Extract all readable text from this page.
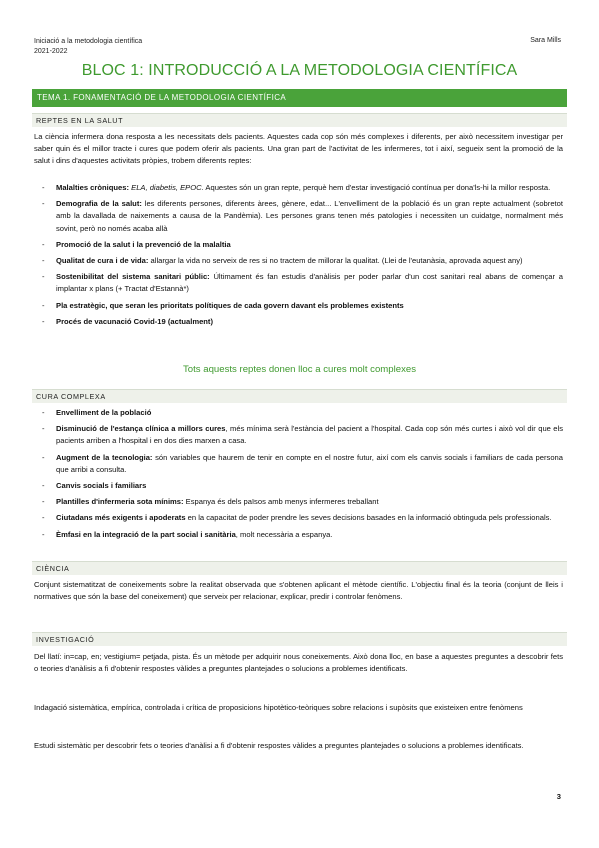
Iniciació a la metodologia científica
2021-2022
Sara Mills
BLOC 1: INTRODUCCIÓ A LA METODOLOGIA CIENTÍFICA
TEMA 1. FONAMENTACIÓ DE LA METODOLOGIA CIENTÍFICA
REPTES EN LA SALUT
La ciència infermera dona resposta a les necessitats dels pacients. Aquestes cada cop són més complexes i diferents, per això necessitem investigar per saber quin és el millor tracte i cures que podem oferir als pacients. Una gran part de l'activitat de les infermeres, tot i així, segueix sent la promoció de la salut i dins d'aquestes activitats pròpies, trobem diferents reptes:
- Malalties cròniques: ELA, diabetis, EPOC. Aquestes són un gran repte, perquè hem d'estar investigació contínua per dona'ls-hi la millor resposta.
- Demografia de la salut: les diferents persones, diferents àrees, gènere, edat... L'envelliment de la població és un gran repte actualment (sobretot amb la davallada de naixements a causa de la Pandèmia). Les persones grans tenen més patologies i necessiten un cuidatge, normalment més sovint, però no només acaba allà
- Promoció de la salut i la prevenció de la malaltia
- Qualitat de cura i de vida: allargar la vida no serveix de res si no tractem de millorar la qualitat. (Llei de l'eutanàsia, aprovada aquest any)
- Sostenibilitat del sistema sanitari públic: Últimament és fan estudis d'anàlisis per poder parlar d'un cost sanitari real abans de començar a implantar x plans (+ Tractat d'Estannà*)
- Pla estratègic, que seran les prioritats polítiques de cada govern davant els problemes existents
- Procés de vacunació Covid-19 (actualment)
Tots aquests reptes donen lloc a cures molt complexes
CURA COMPLEXA
- Envelliment de la població
- Disminució de l'estança clínica a millors cures, més mínima serà l'estància del pacient a l'hospital. Cada cop són més curtes i això vol dir que els pacients arriben a l'hospital i en dos dies marxen a casa.
- Augment de la tecnologia: són variables que haurem de tenir en compte en el nostre futur, així com els canvis socials i familiars de cada persona que arribi a consulta.
- Canvis socials i familiars
- Plantilles d'infermeria sota mínims: Espanya és dels països amb menys infermeres treballant
- Ciutadans més exigents i apoderats en la capacitat de poder prendre les seves decisions basades en la informació obtinguda pels professionals.
- Èmfasi en la integració de la part social i sanitària, molt necessària a espanya.
CIÈNCIA
Conjunt sistematitzat de coneixements sobre la realitat observada que s'obtenen aplicant el mètode científic. L'objectiu final és la teoria (conjunt de lleis i normatives que són la base del coneixement) que serveix per relacionar, explicar, predir i controlar fenòmens.
INVESTIGACIÓ
Del llatí: in=cap, en; vestigium= petjada, pista. És un mètode per adquirir nous coneixements. Això dona lloc, en base a aquestes preguntes a descobrir fets o teories d'anàlisis a fi d'obtenir respostes vàlides a preguntes plantejades o solucions a problemes identificats.
Indagació sistemàtica, empírica, controlada i crítica de proposicions hipotètico-teòriques sobre relacions i supòsits que existeixen entre fenòmens
Estudi sistemàtic per descobrir fets o teories d'anàlisi a fi d'obtenir respostes vàlides a preguntes plantejades o solucions a problemes identificats.
3
